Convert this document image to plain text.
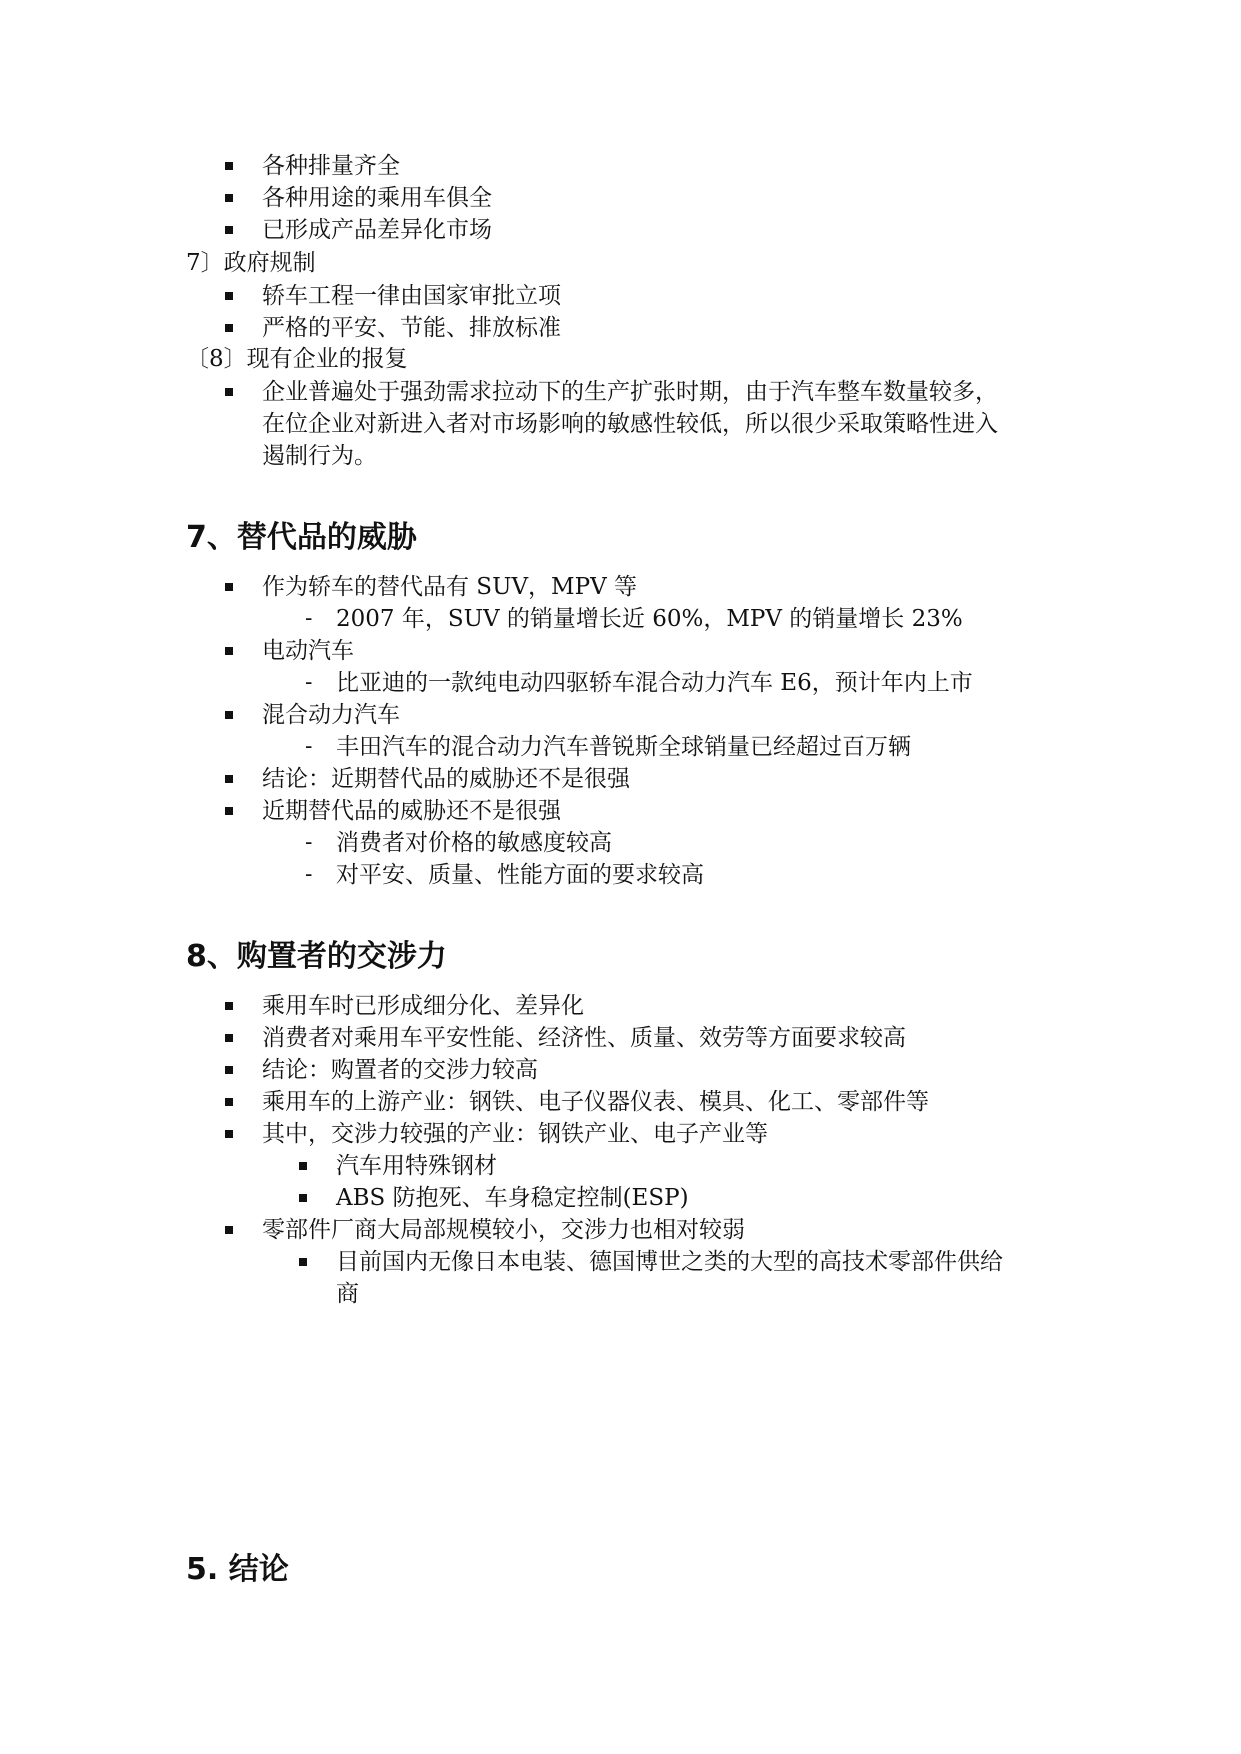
各种排量齐全
各种用途的乘用车俱全
已形成产品差异化市场
7〕政府规制
轿车工程一律由国家审批立项
严格的平安、节能、排放标准
〔8〕现有企业的报复
企业普遍处于强劲需求拉动下的生产扩张时期，由于汽车整车数量较多，
在位企业对新进入者对市场影响的敏感性较低，所以很少采取策略性进入
遏制行为。
7、替代品的威胁
作为轿车的替代品有 SUV，MPV 等
- 2007 年，SUV 的销量增长近 60%，MPV 的销量增长 23%
电动汽车
- 比亚迪的一款纯电动四驱轿车混合动力汽车 E6，预计年内上市
混合动力汽车
- 丰田汽车的混合动力汽车普锐斯全球销量已经超过百万辆
结论：近期替代品的威胁还不是很强
近期替代品的威胁还不是很强
- 消费者对价格的敏感度较高
- 对平安、质量、性能方面的要求较高
8、购置者的交涉力
乘用车时已形成细分化、差异化
消费者对乘用车平安性能、经济性、质量、效劳等方面要求较高
结论：购置者的交涉力较高
乘用车的上游产业：钢铁、电子仪器仪表、模具、化工、零部件等
其中，交涉力较强的产业：钢铁产业、电子产业等
汽车用特殊钢材
ABS 防抱死、车身稳定控制(ESP)
零部件厂商大局部规模较小，交涉力也相对较弱
目前国内无像日本电装、德国博世之类的大型的高技术零部件供给
商
5. 结论
